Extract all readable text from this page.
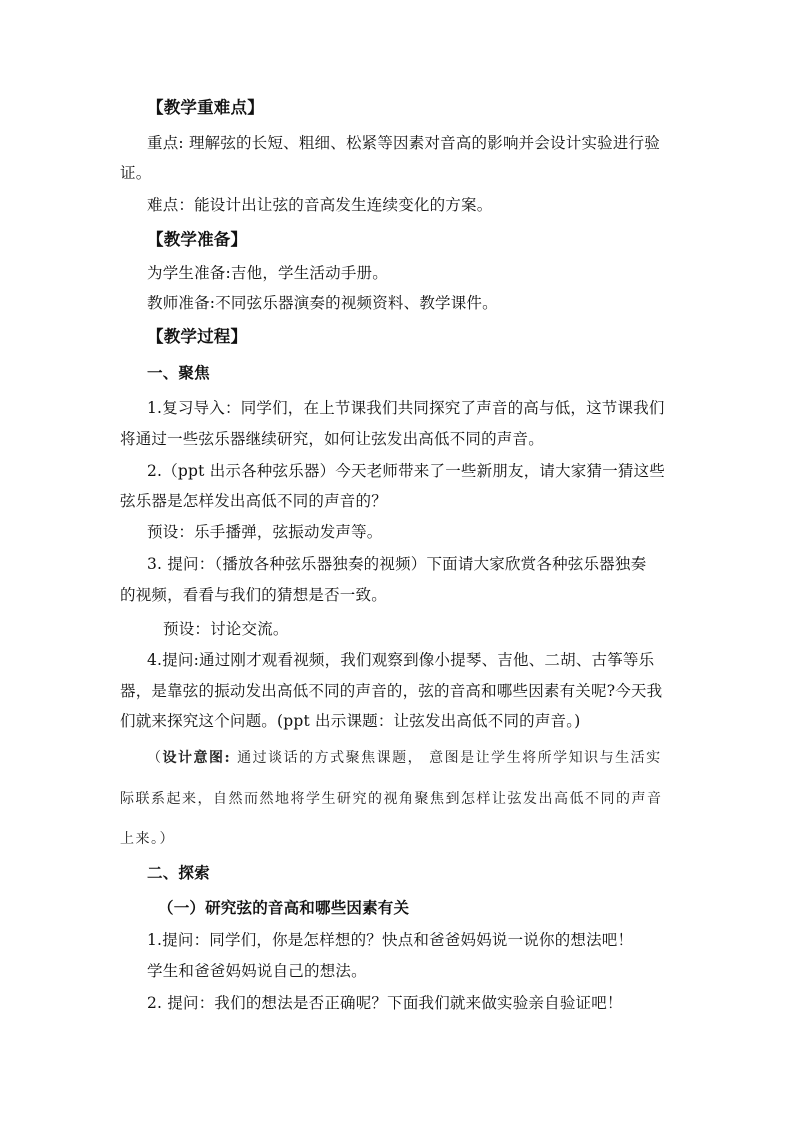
【教学重难点】
重点: 理解弦的长短、粗细、松紧等因素对音高的影响并会设计实验进行验
证。
难点：能设计出让弦的音高发生连续变化的方案。
【教学准备】
为学生准备:吉他，学生活动手册。
教师准备:不同弦乐器演奏的视频资料、教学课件。
【教学过程】
一、聚焦
1.复习导入：同学们，在上节课我们共同探究了声音的高与低，这节课我们
将通过一些弦乐器继续研究，如何让弦发出高低不同的声音。
2.（ppt 出示各种弦乐器）今天老师带来了一些新朋友，请大家猜一猜这些
弦乐器是怎样发出高低不同的声音的？
预设：乐手播弹，弦振动发声等。
3. 提问：（播放各种弦乐器独奏的视频）下面请大家欣赏各种弦乐器独奏
的视频，看看与我们的猜想是否一致。
预设：讨论交流。
4.提问:通过刚才观看视频，我们观察到像小提琴、吉他、二胡、古筝等乐
器，是靠弦的振动发出高低不同的声音的，弦的音高和哪些因素有关呢?今天我
们就来探究这个问题。(ppt 出示课题：让弦发出高低不同的声音。)
（设计意图: 通过谈话的方式聚焦课题， 意图是让学生将所学知识与生活实
际联系起来，自然而然地将学生研究的视角聚焦到怎样让弦发出高低不同的声音
上来。）
二、探索
（一）研究弦的音高和哪些因素有关
1.提问：同学们，你是怎样想的？快点和爸爸妈妈说一说你的想法吧！
学生和爸爸妈妈说自己的想法。
2. 提问：我们的想法是否正确呢？下面我们就来做实验亲自验证吧！
